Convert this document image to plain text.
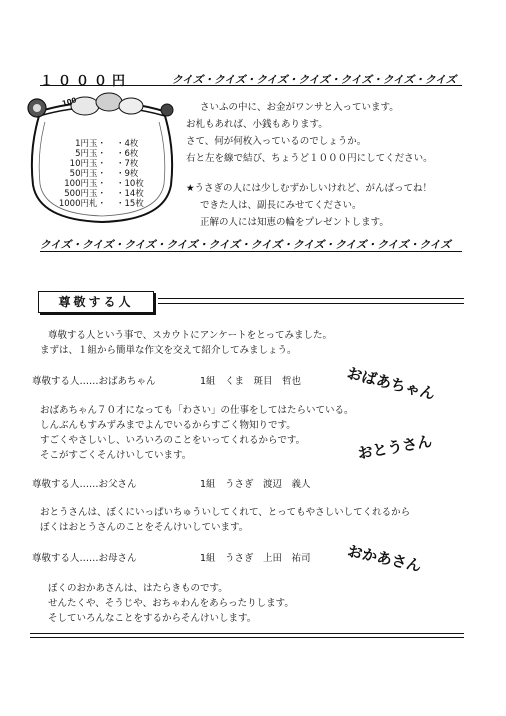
１０００円	クイズ・クイズ・クイズ・クイズ・クイズ・クイズ・クイズ
100
1円玉・ ・4枚
5円玉・ ・6枚
10円玉・ ・7枚
50円玉・ ・9枚
100円玉・ ・10枚
500円玉・ ・14枚
1000円札・ ・15枚
さいふの中に、お金がワンサと入っています。
お札もあれば、小銭もあります。
さて、何が何枚入っているのでしょうか。
右と左を線で結び、ちょうど１０００円にしてください。
★うさぎの人には少しむずかしいけれど、がんばってね！
できた人は、副長にみせてください。
正解の人には知恵の輪をプレゼントします。
クイズ・クイズ・クイズ・クイズ・クイズ・クイズ・クイズ・クイズ・クイズ・クイズ
尊敬する人
尊敬する人という事で、スカウトにアンケートをとってみました。
まずは、１組から簡単な作文を交えて紹介してみましょう。
尊敬する人……おばあちゃん	1組　くま　斑目　哲也	おばあちゃん
おばあちゃん７０才になっても「わさい」の仕事をしてはたらいている。
しんぶんもすみずみまでよんでいるからすごく物知りです。
すごくやさしいし、いろいろのことをいってくれるからです。
そこがすごくそんけいしています。
尊敬する人……お父さん	1組　うさぎ　渡辺　義人
おとうさん
おとうさんは、ぼくにいっぱいちゅういしてくれて、とってもやさしいしてくれるから
ぼくはおとうさんのことをそんけいしています。
尊敬する人……お母さん	1組　うさぎ　上田　祐司 おかあさん
ぼくのおかあさんは、はたらきものです。
せんたくや、そうじや、おちゃわんをあらったりします。
そしていろんなことをするからそんけいします。
